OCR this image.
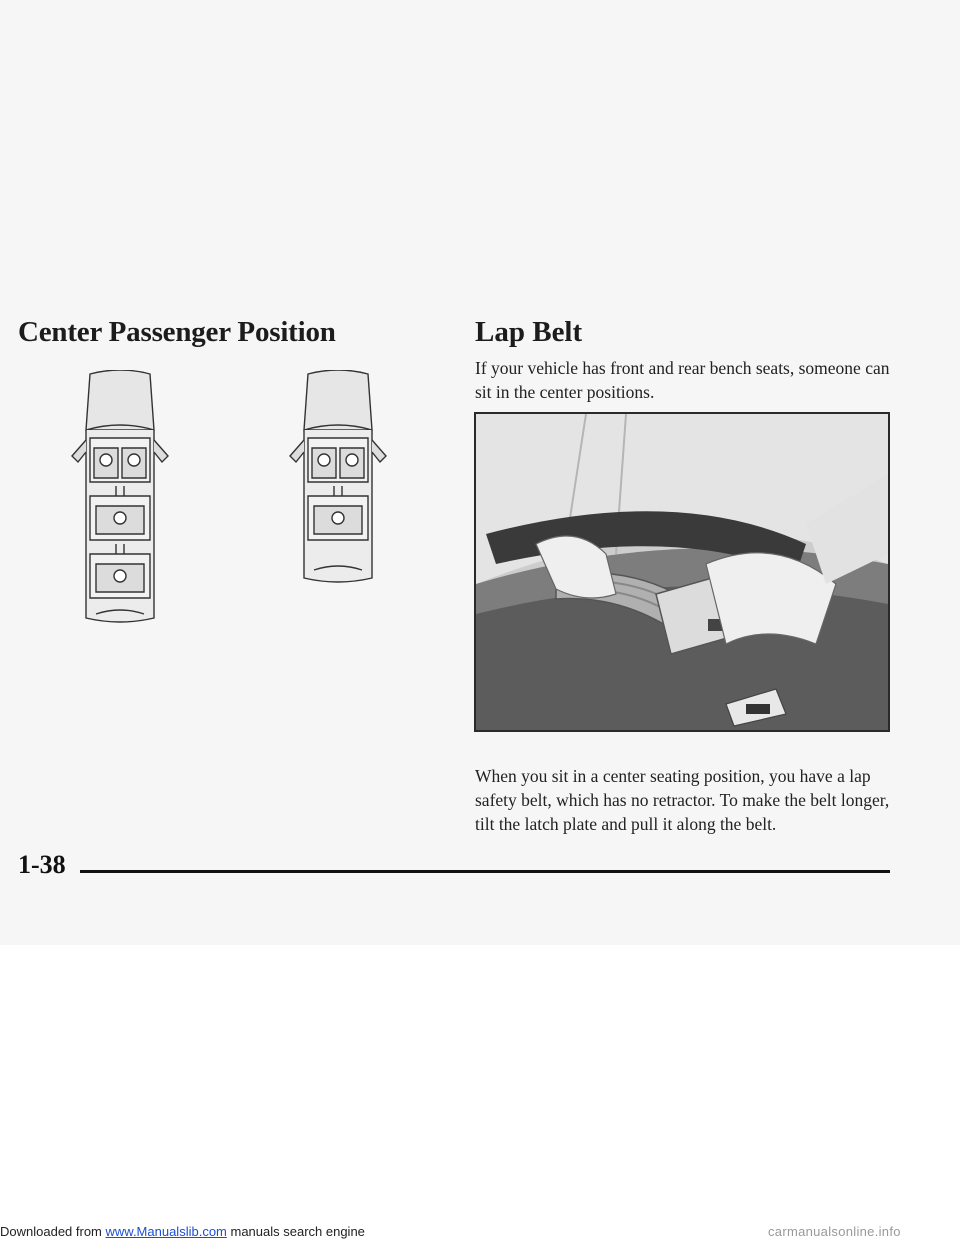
Center Passenger Position	Lap Belt

If your vehicle has front and rear bench seats, someone can sit in the center positions.

When you sit in a center seating position, you have a lap safety belt, which has no retractor. To make the belt longer, tilt the latch plate and pull it along the belt.

1-38

Downloaded from www.Manualslib.com manuals search engine	carmanualsonline.info
